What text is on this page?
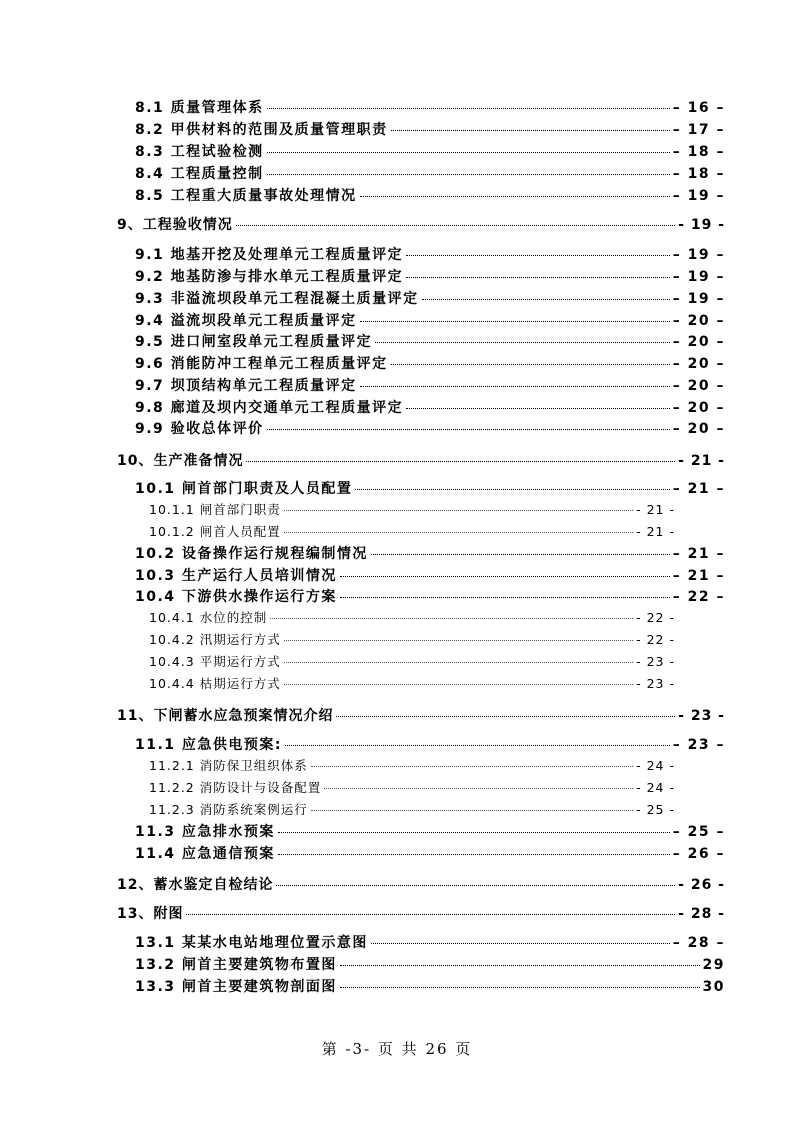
8.1 质量管理体系	– 16 –
8.2 甲供材料的范围及质量管理职责	– 17 –
8.3 工程试验检测	– 18 –
8.4 工程质量控制	– 18 –
8.5 工程重大质量事故处理情况	– 19 –
9、工程验收情况	- 19 -
9.1 地基开挖及处理单元工程质量评定	– 19 –
9.2 地基防渗与排水单元工程质量评定	– 19 –
9.3 非溢流坝段单元工程混凝土质量评定	– 19 –
9.4 溢流坝段单元工程质量评定	– 20 –
9.5 进口闸室段单元工程质量评定	– 20 –
9.6 消能防冲工程单元工程质量评定	– 20 –
9.7 坝顶结构单元工程质量评定	– 20 –
9.8 廊道及坝内交通单元工程质量评定	– 20 –
9.9 验收总体评价	– 20 –
10、生产准备情况	- 21 -
10.1 闸首部门职责及人员配置	– 21 –
10.1.1 闸首部门职责	- 21 -
10.1.2 闸首人员配置	- 21 -
10.2 设备操作运行规程编制情况	– 21 –
10.3 生产运行人员培训情况	– 21 –
10.4 下游供水操作运行方案	– 22 –
10.4.1 水位的控制	- 22 -
10.4.2 汛期运行方式	- 22 -
10.4.3 平期运行方式	- 23 -
10.4.4 枯期运行方式	- 23 -
11、下闸蓄水应急预案情况介绍	- 23 -
11.1 应急供电预案:	– 23 –
11.2.1 消防保卫组织体系	- 24 -
11.2.2 消防设计与设备配置	- 24 -
11.2.3 消防系统案例运行	- 25 -
11.3 应急排水预案	– 25 –
11.4 应急通信预案	– 26 –
12、蓄水鉴定自检结论	- 26 -
13、附图	- 28 -
13.1 某某水电站地理位置示意图	– 28 –
13.2 闸首主要建筑物布置图	29
13.3 闸首主要建筑物剖面图	30
第 -3- 页 共 26 页
